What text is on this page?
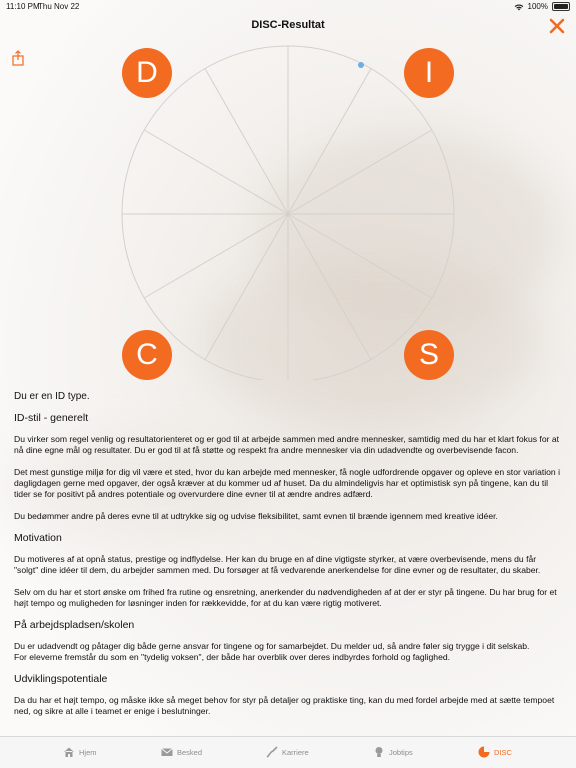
11:10 PM
Thu Nov 22	100%
DISC-Resultat
D	I
C	S
Du er en ID type.
ID-stil - generelt

Du virker som regel venlig og resultatorienteret og er god til at arbejde sammen med andre mennesker, samtidig med du har et klart fokus for at nå dine egne mål og resultater. Du er god til at få støtte og respekt fra andre mennesker via din udadvendte og overbevisende facon.

Det mest gunstige miljø for dig vil være et sted, hvor du kan arbejde med mennesker, få nogle udfordrende opgaver og opleve en stor variation i dagligdagen gerne med opgaver, der også kræver at du kommer ud af huset. Da du almindeligvis har et optimistisk syn på tingene, kan du til tider se for positivt på andres potentiale og overvurdere dine evner til at ændre andres adfærd.

Du bedømmer andre på deres evne til at udtrykke sig og udvise fleksibilitet, samt evnen til brænde igennem med kreative idéer.

Motivation

Du motiveres af at opnå status, prestige og indflydelse. Her kan du bruge en af dine vigtigste styrker, at være overbevisende, mens du får "solgt" dine idéer til dem, du arbejder sammen med. Du forsøger at få vedvarende anerkendelse for dine evner og de resultater, du skaber.

Selv om du har et stort ønske om frihed fra rutine og ensretning, anerkender du nødvendigheden af at der er styr på tingene. Du har brug for et højt tempo og muligheden for løsninger inden for rækkevidde, for at du kan være rigtig motiveret.

På arbejdspladsen/skolen

Du er udadvendt og påtager dig både gerne ansvar for tingene og for samarbejdet. Du melder ud, så andre føler sig trygge i dit selskab.
For eleverne fremstår du som en "tydelig voksen", der både har overblik over deres indbyrdes forhold og faglighed.

Udviklingspotentiale

Da du har et højt tempo, og måske ikke så meget behov for styr på detaljer og praktiske ting, kan du med fordel arbejde med at sætte tempoet ned, og sikre at alle i teamet er enige i beslutninger.

Hjem	Besked	Karriere	Jobtips	DISC
